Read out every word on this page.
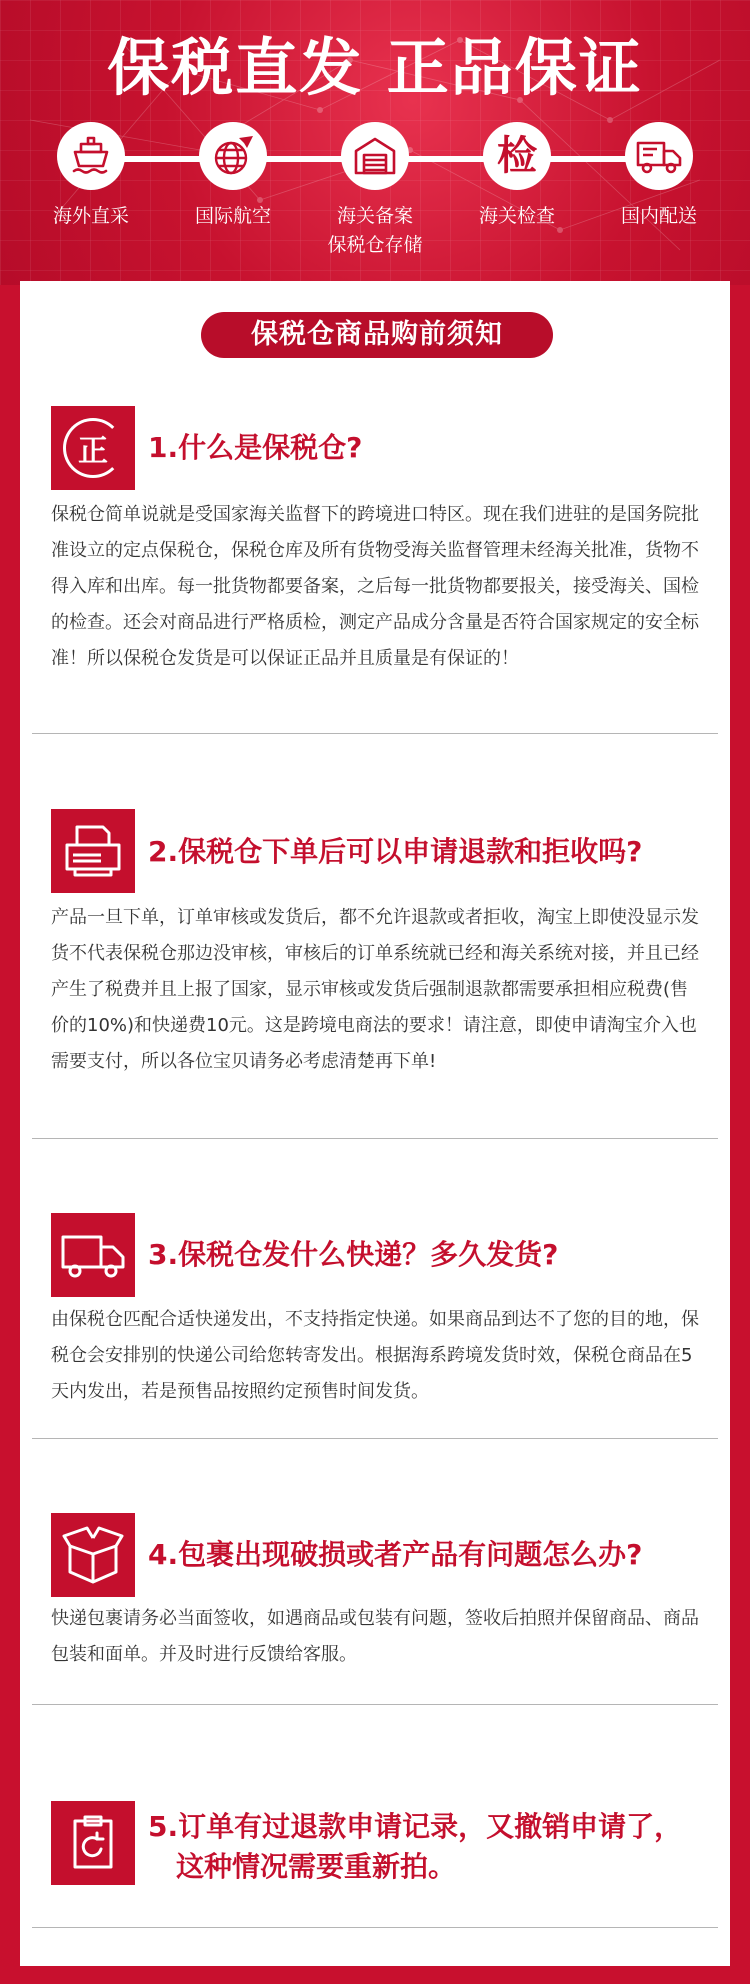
保税直发 正品保证
海外直采	国际航空	海关备案
保税仓存储
检
海关检查	国内配送
保税仓商品购前须知
正 1.什么是保税仓?
保税仓简单说就是受国家海关监督下的跨境进口特区。现在我们进驻的是国务院批准设立的定点保税仓，保税仓库及所有货物受海关监督管理未经海关批准，货物不得入库和出库。每一批货物都要备案，之后每一批货物都要报关，接受海关、国检的检查。还会对商品进行严格质检，测定产品成分含量是否符合国家规定的安全标准！所以保税仓发货是可以保证正品并且质量是有保证的！
2.保税仓下单后可以申请退款和拒收吗?
产品一旦下单，订单审核或发货后，都不允许退款或者拒收，淘宝上即使没显示发货不代表保税仓那边没审核，审核后的订单系统就已经和海关系统对接，并且已经产生了税费并且上报了国家，显示审核或发货后强制退款都需要承担相应税费(售价的10%)和快递费10元。这是跨境电商法的要求！请注意，即使申请淘宝介入也需要支付，所以各位宝贝请务必考虑清楚再下单!
3.保税仓发什么快递？多久发货?
由保税仓匹配合适快递发出，不支持指定快递。如果商品到达不了您的目的地，保税仓会安排别的快递公司给您转寄发出。根据海系跨境发货时效，保税仓商品在5天内发出，若是预售品按照约定预售时间发货。
4.包裹出现破损或者产品有问题怎么办?
快递包裹请务必当面签收，如遇商品或包装有问题，签收后拍照并保留商品、商品包装和面单。并及时进行反馈给客服。
5.订单有过退款申请记录，又撤销申请了，
　这种情况需要重新拍。
